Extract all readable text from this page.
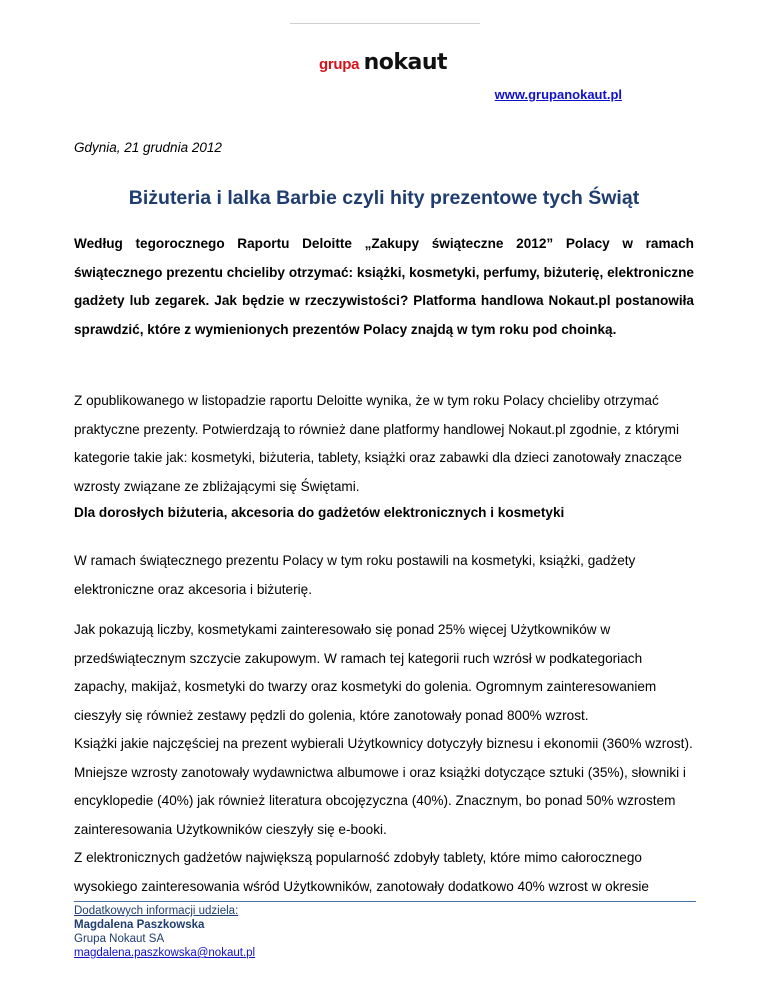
grupa nokaut
www.grupanokaut.pl
Gdynia, 21 grudnia 2012
Biżuteria i lalka Barbie czyli hity prezentowe tych Świąt

Według tegorocznego Raportu Deloitte „Zakupy świąteczne 2012” Polacy w ramach świątecznego prezentu chcieliby otrzymać: książki, kosmetyki, perfumy, biżuterię, elektroniczne gadżety lub zegarek. Jak będzie w rzeczywistości? Platforma handlowa Nokaut.pl postanowiła sprawdzić, które z wymienionych prezentów Polacy znajdą w tym roku pod choinką.

Z opublikowanego w listopadzie raportu Deloitte wynika, że w tym roku Polacy chcieliby otrzymać praktyczne prezenty. Potwierdzają to również dane platformy handlowej Nokaut.pl zgodnie, z którymi kategorie takie jak: kosmetyki, biżuteria, tablety, książki oraz zabawki dla dzieci zanotowały znaczące wzrosty związane ze zbliżającymi się Świętami.

Dla dorosłych biżuteria, akcesoria do gadżetów elektronicznych i kosmetyki

W ramach świątecznego prezentu Polacy w tym roku postawili na kosmetyki, książki, gadżety elektroniczne oraz akcesoria i biżuterię.

Jak pokazują liczby, kosmetykami zainteresowało się ponad 25% więcej Użytkowników w przedświątecznym szczycie zakupowym. W ramach tej kategorii ruch wzrósł w podkategoriach zapachy, makijaż, kosmetyki do twarzy oraz kosmetyki do golenia. Ogromnym zainteresowaniem cieszyły się również zestawy pędzli do golenia, które zanotowały ponad 800% wzrost.

Książki jakie najczęściej na prezent wybierali Użytkownicy dotyczyły biznesu i ekonomii (360% wzrost). Mniejsze wzrosty zanotowały wydawnictwa albumowe i oraz książki dotyczące sztuki (35%), słowniki i encyklopedie (40%) jak również literatura obcojęzyczna (40%). Znacznym, bo ponad 50% wzrostem zainteresowania Użytkowników cieszyły się e-booki.

Z elektronicznych gadżetów największą popularność zdobyły tablety, które mimo całorocznego wysokiego zainteresowania wśród Użytkowników, zanotowały dodatkowo 40% wzrost w okresie

Dodatkowych informacji udziela:
Magdalena Paszkowska
Grupa Nokaut SA
magdalena.paszkowska@nokaut.pl
